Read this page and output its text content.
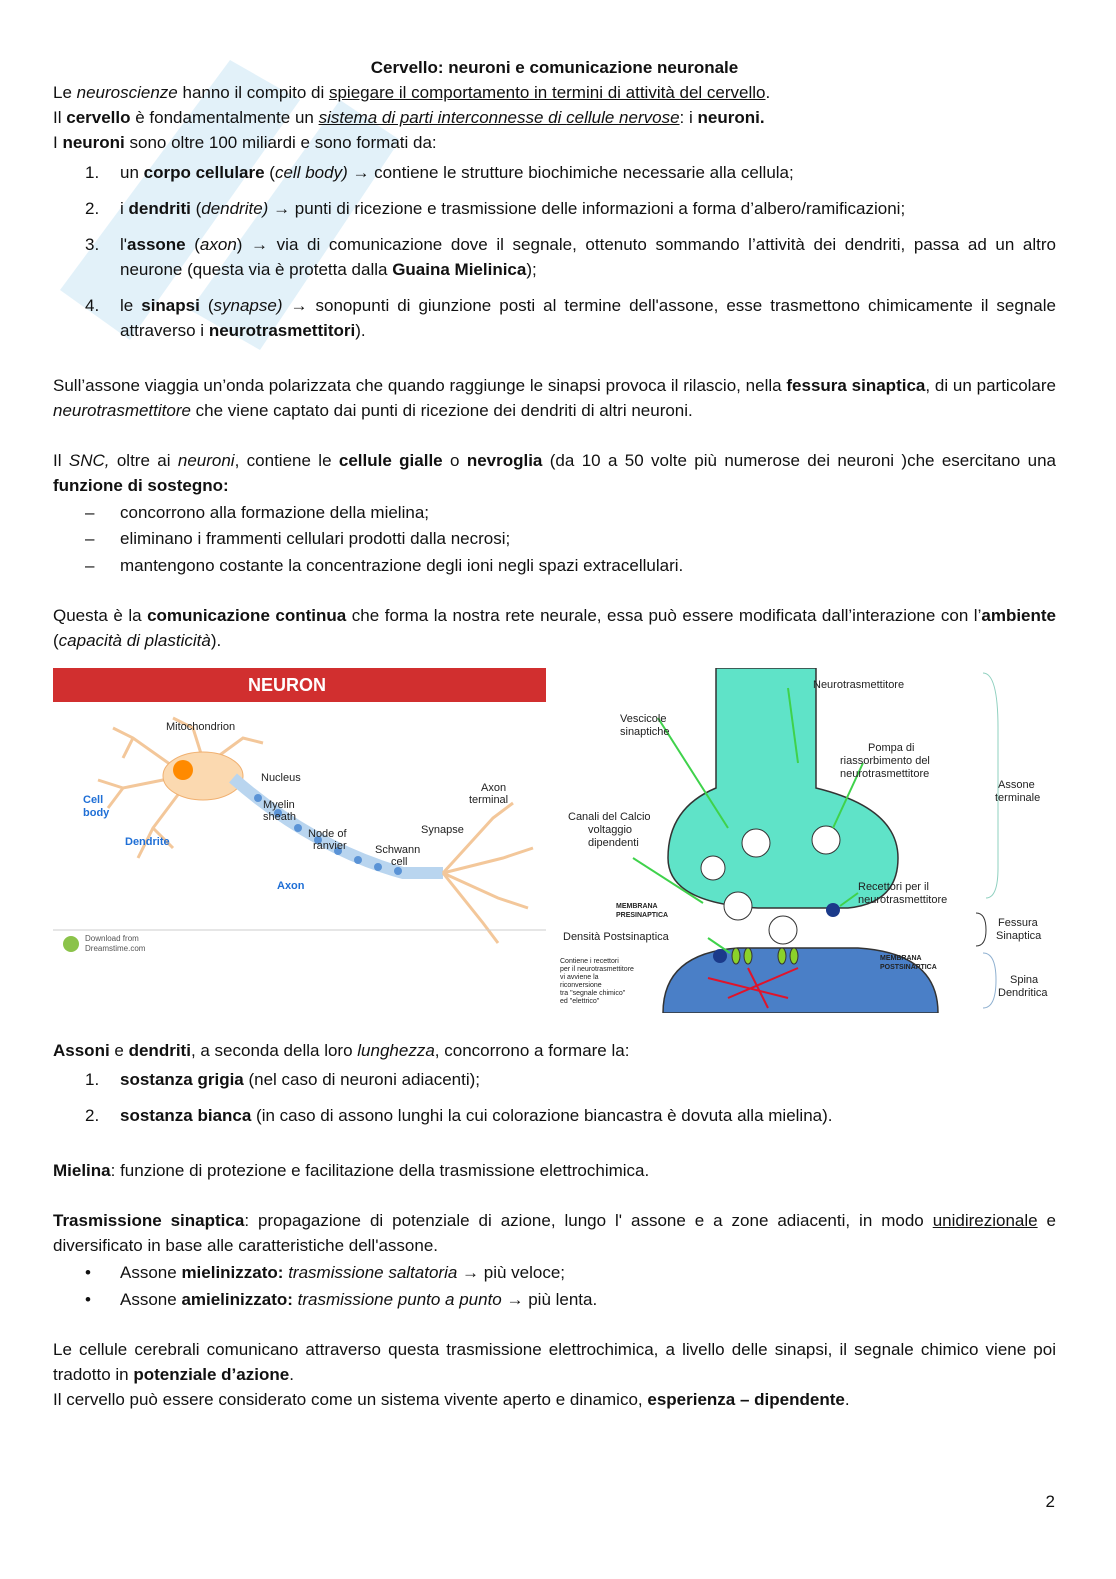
Cervello: neuroni e comunicazione neuronale
Le neuroscienze hanno il compito di spiegare il comportamento in termini di attività del cervello.
Il cervello è fondamentalmente un sistema di parti interconnesse di cellule nervose: i neuroni.
I neuroni sono oltre 100 miliardi e sono formati da:
1.	un corpo cellulare (cell body) → contiene le strutture biochimiche necessarie alla cellula;
2.	i dendriti (dendrite) → punti di ricezione e trasmissione delle informazioni a forma d’albero/ramificazioni;
3.	l'assone (axon) → via di comunicazione dove il segnale, ottenuto sommando l’attività dei dendriti, passa ad un altro neurone (questa via è protetta dalla Guaina Mielinica);
4.	le sinapsi (synapse) → sonopunti di giunzione posti al termine dell'assone, esse trasmettono chimicamente il segnale attraverso i neurotrasmettitori).
Sull’assone viaggia un’onda polarizzata che quando raggiunge le sinapsi provoca il rilascio, nella fessura sinaptica, di un particolare neurotrasmettitore che viene captato dai punti di ricezione dei dendriti di altri neuroni.
Il SNC, oltre ai neuroni, contiene le cellule gialle o nevroglia (da 10 a 50 volte più numerose dei neuroni )che esercitano una funzione di sostegno:
–	concorrono alla formazione della mielina;
–	eliminano i frammenti cellulari prodotti dalla necrosi;
–	mantengono costante la concentrazione degli ioni negli spazi extracellulari.
Questa è la comunicazione continua che forma la nostra rete neurale, essa può essere modificata dall’interazione con l’ambiente (capacità di plasticità).
NEURON
Mitochondrion
Nucleus
Cell
body
Myelin
sheath
Node of
ranvier
Dendrite
Schwann
cell
Axon
Synapse
Axon
terminal
Download from
Dreamstime.com
Neurotrasmettitore
Vescicole
sinaptiche
Pompa di
riassorbimento del
neurotrasmettitore
Assone
terminale
Canali del Calcio
voltaggio
dipendenti
Recettori per il
neurotrasmettitore
MEMBRANA
PRESINAPTICA
Densità Postsinaptica
Fessura
Sinaptica
Contiene i recettori
per il neurotrasmettitore
vi avviene la
riconversione
tra "segnale chimico"
ed "elettrico"
MEMBRANA
POSTSINAPTICA
Spina
Dendritica
Assoni e dendriti, a seconda della loro lunghezza, concorrono a formare la:
1.	sostanza grigia (nel caso di neuroni adiacenti);
2.	sostanza bianca (in caso di assono lunghi la cui colorazione biancastra è dovuta alla mielina).
Mielina: funzione di protezione e facilitazione della trasmissione elettrochimica.
Trasmissione sinaptica: propagazione di potenziale di azione, lungo l' assone e a zone adiacenti, in modo unidirezionale e diversificato in base alle caratteristiche dell'assone.
•	Assone mielinizzato: trasmissione saltatoria → più veloce;
•	Assone amielinizzato: trasmissione punto a punto → più lenta.
Le cellule cerebrali comunicano attraverso questa trasmissione elettrochimica, a livello delle sinapsi, il segnale chimico viene poi tradotto in potenziale d’azione.
Il cervello può essere considerato come un sistema vivente aperto e dinamico, esperienza – dipendente.
2
